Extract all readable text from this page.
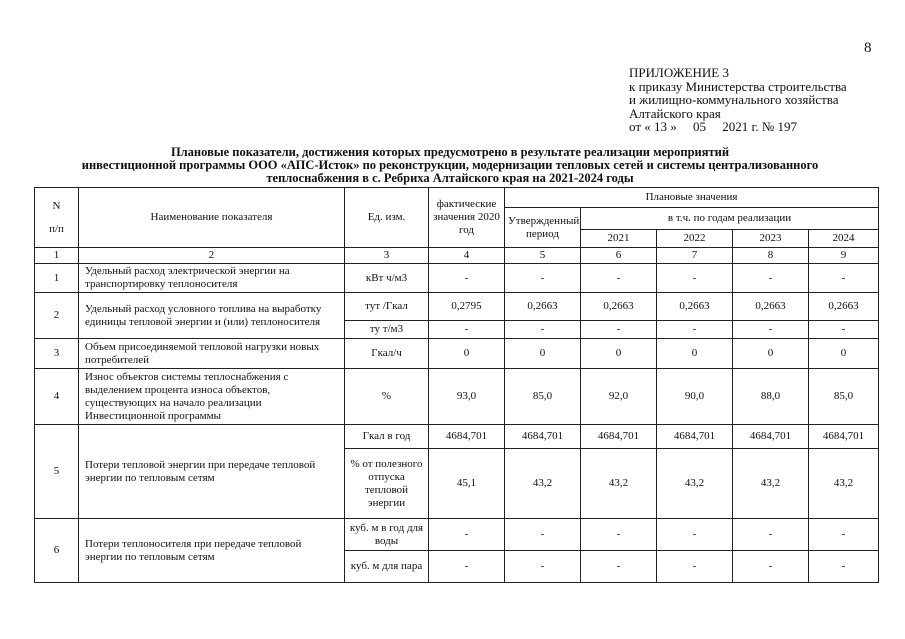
8
ПРИЛОЖЕНИЕ 3
к приказу Министерства строительства
и жилищно-коммунального хозяйства
Алтайского края
от « 13 »     05     2021 г. № 197
Плановые показатели, достижения которых предусмотрено в результате реализации мероприятий
инвестиционной программы ООО «АПС-Исток» по реконструкции, модернизации тепловых сетей и системы централизованного
теплоснабжения в с. Ребриха Алтайского края на 2021-2024 годы
N
п/п	Наименование показателя	Ед. изм.	фактические значения 2020 год	Плановые значения				
				Утвержденный период	в т.ч. по годам реализации			
					2021	2022	2023	2024
1	2	3	4	5	6	7	8	9
1	Удельный расход электрической энергии на транспортировку теплоносителя	кВт ч/м3	-	-	-	-	-	-
2	Удельный расход условного топлива на выработку единицы тепловой энергии и (или) теплоносителя	тут /Гкал	0,2795	0,2663	0,2663	0,2663	0,2663	0,2663
		ту т/м3	-	-	-	-	-	-
3	Объем присоединяемой тепловой нагрузки новых потребителей	Гкал/ч	0	0	0	0	0	0
4	Износ объектов системы теплоснабжения с выделением процента износа объектов, существующих на начало реализации Инвестиционной программы	%	93,0	85,0	92,0	90,0	88,0	85,0
5	Потери тепловой энергии при передаче тепловой энергии по тепловым сетям	Гкал в год	4684,701	4684,701	4684,701	4684,701	4684,701	4684,701
		% от полезного отпуска тепловой энергии	45,1	43,2	43,2	43,2	43,2	43,2
6	Потери теплоносителя при передаче тепловой энергии по тепловым сетям	куб. м в год для воды	-	-	-	-	-	-
		куб. м для пара	-	-	-	-	-	-
